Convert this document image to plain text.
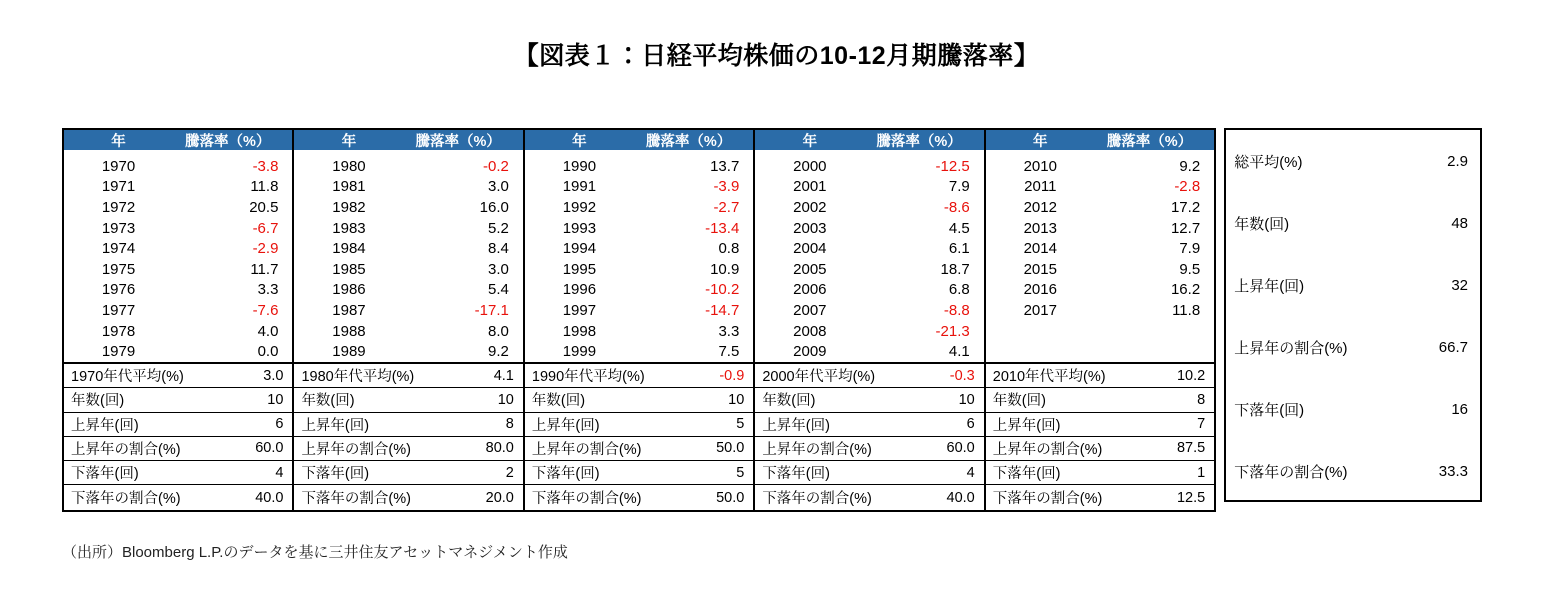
【図表１：日経平均株価の10-12月期騰落率】
年	騰落率（%）
1970	-3.8
1971	11.8
1972	20.5
1973	-6.7
1974	-2.9
1975	11.7
1976	3.3
1977	-7.6
1978	4.0
1979	0.0
年	騰落率（%）
1980	-0.2
1981	3.0
1982	16.0
1983	5.2
1984	8.4
1985	3.0
1986	5.4
1987	-17.1
1988	8.0
1989	9.2
年	騰落率（%）
1990	13.7
1991	-3.9
1992	-2.7
1993	-13.4
1994	0.8
1995	10.9
1996	-10.2
1997	-14.7
1998	3.3
1999	7.5
年	騰落率（%）
2000	-12.5
2001	7.9
2002	-8.6
2003	4.5
2004	6.1
2005	18.7
2006	6.8
2007	-8.8
2008	-21.3
2009	4.1
年	騰落率（%）
2010	9.2
2011	-2.8
2012	17.2
2013	12.7
2014	7.9
2015	9.5
2016	16.2
2017	11.8
1970年代平均(%)	3.0
年数(回)	10
上昇年(回)	6
上昇年の割合(%)	60.0
下落年(回)	4
下落年の割合(%)	40.0
1980年代平均(%)	4.1
年数(回)	10
上昇年(回)	8
上昇年の割合(%)	80.0
下落年(回)	2
下落年の割合(%)	20.0
1990年代平均(%)	-0.9
年数(回)	10
上昇年(回)	5
上昇年の割合(%)	50.0
下落年(回)	5
下落年の割合(%)	50.0
2000年代平均(%)	-0.3
年数(回)	10
上昇年(回)	6
上昇年の割合(%)	60.0
下落年(回)	4
下落年の割合(%)	40.0
2010年代平均(%)	10.2
年数(回)	8
上昇年(回)	7
上昇年の割合(%)	87.5
下落年(回)	1
下落年の割合(%)	12.5
総平均(%)	2.9
年数(回)	48
上昇年(回)	32
上昇年の割合(%)	66.7
下落年(回)	16
下落年の割合(%)	33.3
（出所）Bloomberg L.P.のデータを基に三井住友アセットマネジメント作成
